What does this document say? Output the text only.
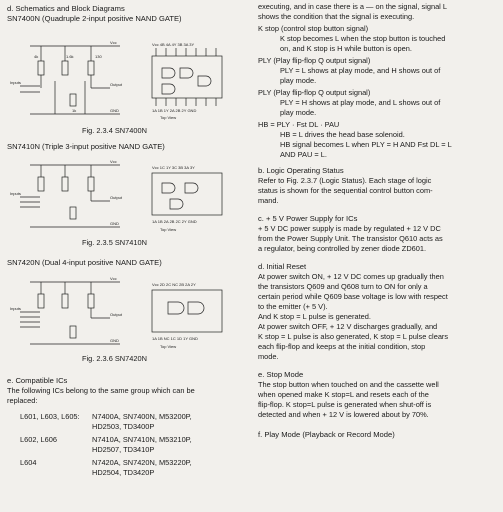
d. Schematics and Block Diagrams
SN7400N (Quadruple 2-input positive NAND GATE)
Vcc
4k	1.6k	130
1k
Inputs	Output
GND
Vcc 4B 4A 4Y 3B 3A 3Y
1A 1B 1Y 2A 2B 2Y GND
Top View
Fig. 2.3.4 SN7400N
SN7410N (Triple 3-input positive NAND GATE)
Vcc
Inputs
Output
GND
Vcc 1C 1Y 3C 3B 3A 3Y
1A 1B 2A 2B 2C 2Y GND
Top View
Fig. 2.3.5 SN7410N
SN7420N (Dual 4-input positive NAND GATE)
Vcc
Inputs
Output
GND
Vcc 2D 2C NC 2B 2A 2Y
1A 1B NC 1C 1D 1Y GND
Top View
Fig. 2.3.6 SN7420N
e. Compatible ICs
The following ICs belong to the same group which can be
replaced:
L601, L603, L605: N7400A, SN7400N, M53200P,
HD2503, TD3400P
L602, L606	N7410A, SN7410N, M53210P,
HD2507, TD3410P
L604	N7420A, SN7420N, M53220P,
HD2504, TD3420P
executing, and in case there is a — on the signal, signal L
shows the condition that the signal is executing.
K stop (control stop button signal)
K stop becomes L when the stop button is touched
on, and K stop is H while button is open.
PLY (Play flip-flop Q output signal)
PLY = L shows at play mode, and H shows out of
play mode.
PLY (Play flip-flop Q output signal)
PLY = H shows at play mode, and L shows out of
play mode.
HB = PLY · Fst DL · PAU
HB = L drives the head base solenoid.
HB signal becomes L when PLY = H AND Fst DL = L
AND PAU = L.
b. Logic Operating Status
Refer to Fig. 2.3.7 (Logic Status). Each stage of logic
status is shown for the sequential control button com-
mand.
c. + 5 V Power Supply for ICs
+ 5 V DC power supply is made by regulated + 12 V DC
from the Power Supply Unit. The transistor Q610 acts as
a regulator, being controlled by zener diode ZD601.
d. Initial Reset
At power switch ON, + 12 V DC comes up gradually then
the transistors Q609 and Q608 turn to ON for only a
certain period while Q609 base voltage is low with respect
to the emitter (+ 5 V).
And K stop = L pulse is generated.
At power switch OFF, + 12 V discharges gradually, and
K stop = L pulse is also generated, K stop = L pulse clears
each flip-flop and keeps at the initial condition, stop
mode.
e. Stop Mode
The stop button when touched on and the cassette well
when opened make K stop=L and resets each of the
flip-flop. K stop=L pulse is generated when shut-off is
detected and when + 12 V is lowered about by 70%.
f. Play Mode (Playback or Record Mode)
